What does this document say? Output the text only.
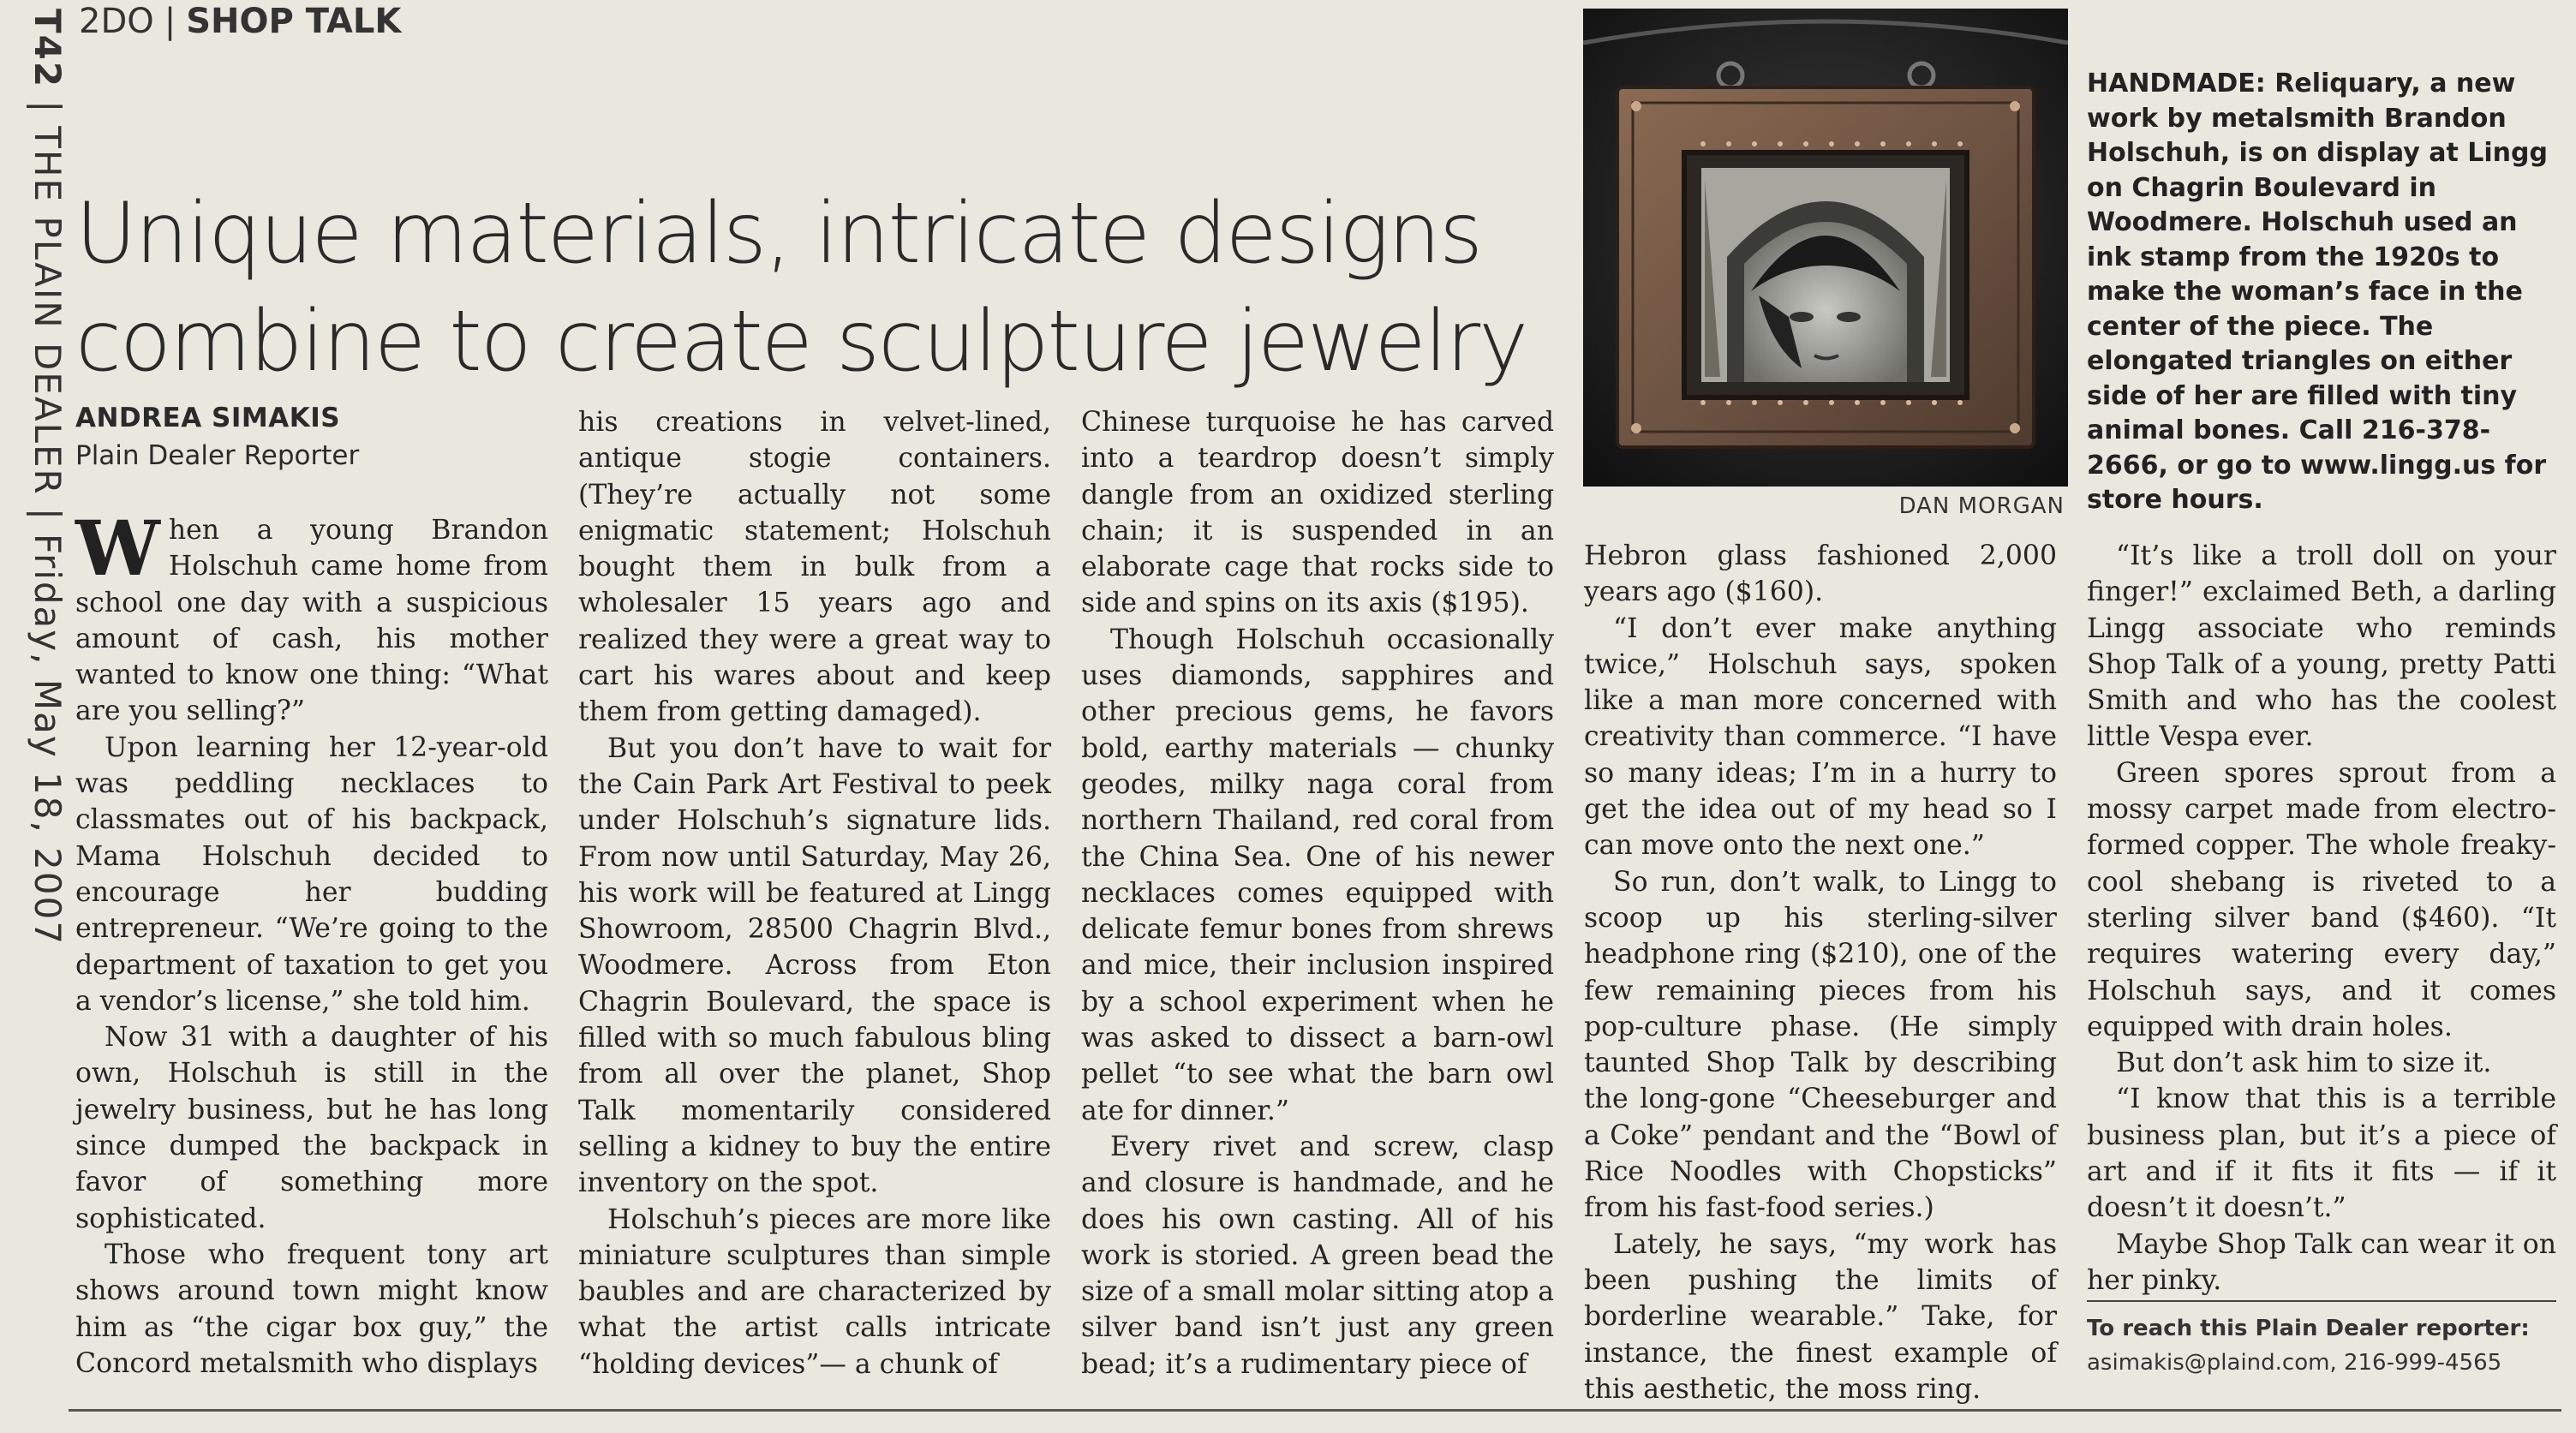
T42|THE PLAIN DEALER|Friday, May 18, 2007
2DO | SHOP TALK
Unique materials, intricate designs combine to create sculpture jewelry
ANDREA SIMAKIS
Plain Dealer Reporter

When a young Brandon Holschuh came home from school one day with a suspicious amount of cash, his mother wanted to know one thing: “What are you selling?”

Upon learning her 12-year-old was peddling necklaces to classmates out of his backpack, Mama Holschuh decided to encourage her budding entrepreneur. “We’re going to the department of taxation to get you a vendor’s license,” she told him.

Now 31 with a daughter of his own, Holschuh is still in the jewelry business, but he has long since dumped the backpack in favor of something more sophisticated.

Those who frequent tony art shows around town might know him as “the cigar box guy,” the Concord metalsmith who displays

his creations in velvet-lined, antique stogie containers. (They’re actually not some enigmatic statement; Holschuh bought them in bulk from a wholesaler 15 years ago and realized they were a great way to cart his wares about and keep them from getting damaged).

But you don’t have to wait for the Cain Park Art Festival to peek under Holschuh’s signature lids. From now until Saturday, May 26, his work will be featured at Lingg Showroom, 28500 Chagrin Blvd., Woodmere. Across from Eton Chagrin Boulevard, the space is filled with so much fabulous bling from all over the planet, Shop Talk momentarily considered selling a kidney to buy the entire inventory on the spot.

Holschuh’s pieces are more like miniature sculptures than simple baubles and are characterized by what the artist calls intricate “holding devices”— a chunk of

Chinese turquoise he has carved into a teardrop doesn’t simply dangle from an oxidized sterling chain; it is suspended in an elaborate cage that rocks side to side and spins on its axis ($195).

Though Holschuh occasionally uses diamonds, sapphires and other precious gems, he favors bold, earthy materials — chunky geodes, milky naga coral from northern Thailand, red coral from the China Sea. One of his newer necklaces comes equipped with delicate femur bones from shrews and mice, their inclusion inspired by a school experiment when he was asked to dissect a barn-owl pellet “to see what the barn owl ate for dinner.”

Every rivet and screw, clasp and closure is handmade, and he does his own casting. All of his work is storied. A green bead the size of a small molar sitting atop a silver band isn’t just any green bead; it’s a rudimentary piece of

DAN MORGAN
HANDMADE: Reliquary, a new work by metalsmith Brandon Holschuh, is on display at Lingg on Chagrin Boulevard in Woodmere. Holschuh used an ink stamp from the 1920s to make the woman’s face in the center of the piece. The elongated triangles on either side of her are filled with tiny animal bones. Call 216-378-2666, or go to www.lingg.us for store hours.

Hebron glass fashioned 2,000 years ago ($160).

“I don’t ever make anything twice,” Holschuh says, spoken like a man more concerned with creativity than commerce. “I have so many ideas; I’m in a hurry to get the idea out of my head so I can move onto the next one.”

So run, don’t walk, to Lingg to scoop up his sterling-silver headphone ring ($210), one of the few remaining pieces from his pop-culture phase. (He simply taunted Shop Talk by describing the long-gone “Cheeseburger and a Coke” pendant and the “Bowl of Rice Noodles with Chopsticks” from his fast-food series.)

Lately, he says, “my work has been pushing the limits of borderline wearable.” Take, for instance, the finest example of this aesthetic, the moss ring.

“It’s like a troll doll on your finger!” exclaimed Beth, a darling Lingg associate who reminds Shop Talk of a young, pretty Patti Smith and who has the coolest little Vespa ever.

Green spores sprout from a mossy carpet made from electro-formed copper. The whole freaky-cool shebang is riveted to a sterling silver band ($460). “It requires watering every day,” Holschuh says, and it comes equipped with drain holes.

But don’t ask him to size it.

“I know that this is a terrible business plan, but it’s a piece of art and if it fits it fits — if it doesn’t it doesn’t.”

Maybe Shop Talk can wear it on her pinky.

To reach this Plain Dealer reporter:
asimakis@plaind.com, 216-999-4565
